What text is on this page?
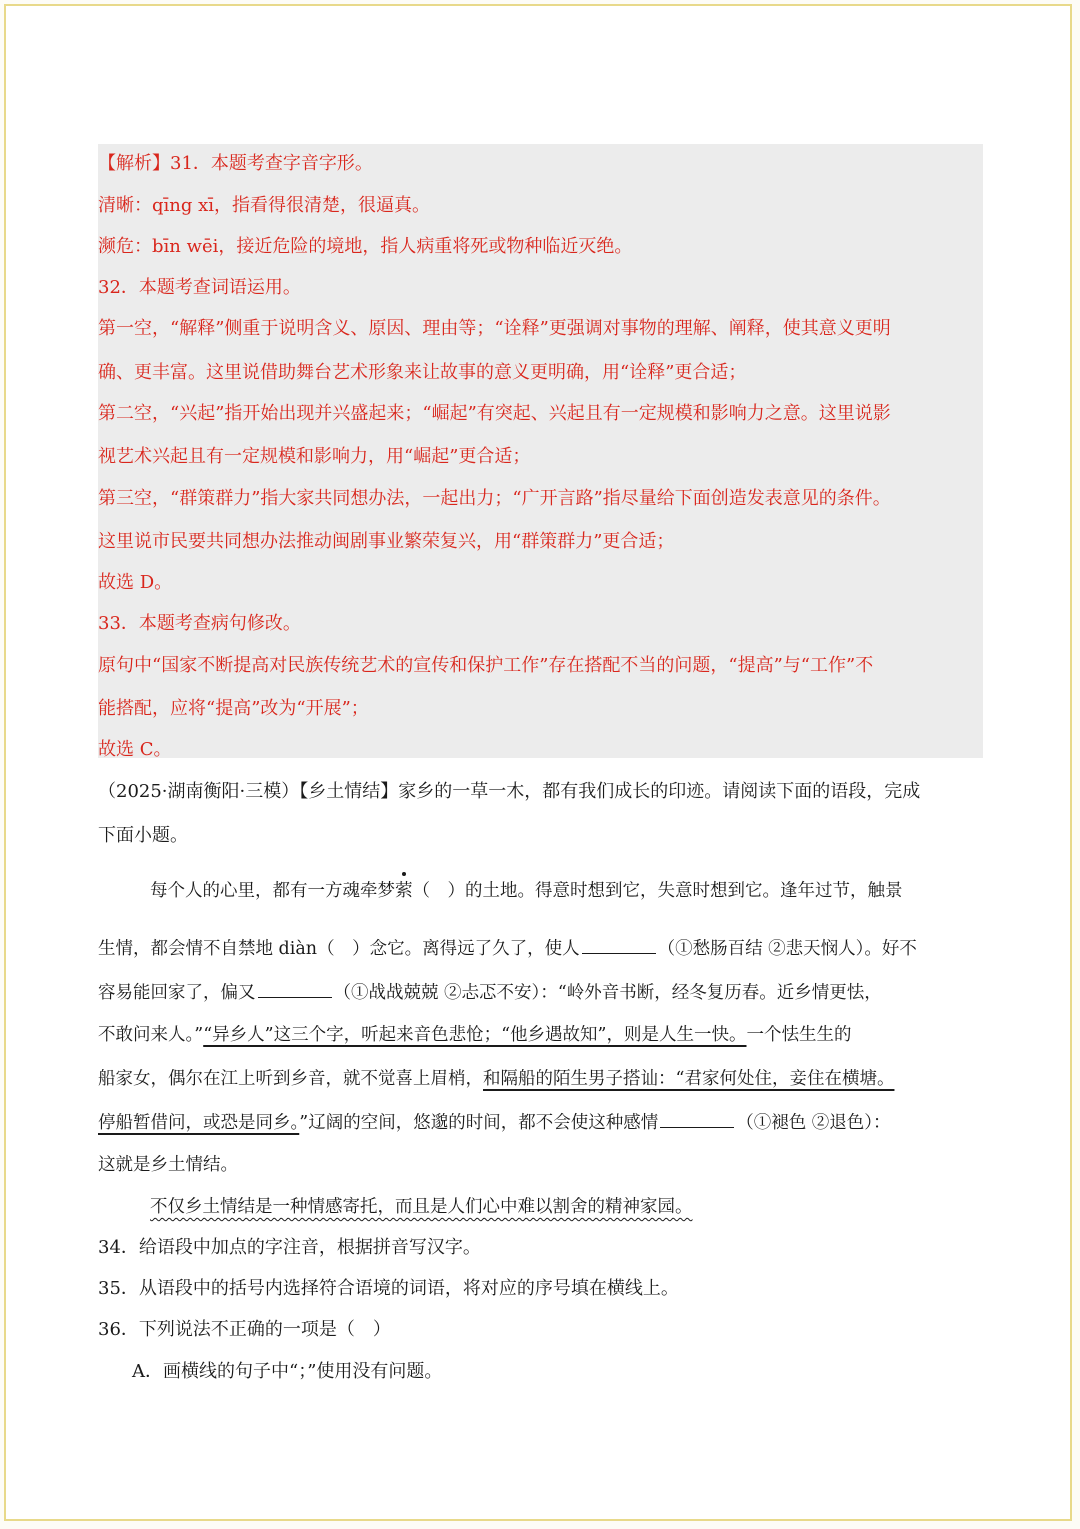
【解析】31．本题考查字音字形。
清晰：qīng xī，指看得很清楚，很逼真。
濒危：bīn wēi，接近危险的境地，指人病重将死或物种临近灭绝。
32．本题考查词语运用。
第一空，“解释”侧重于说明含义、原因、理由等；“诠释”更强调对事物的理解、阐释，使其意义更明
确、更丰富。这里说借助舞台艺术形象来让故事的意义更明确，用“诠释”更合适；
第二空，“兴起”指开始出现并兴盛起来；“崛起”有突起、兴起且有一定规模和影响力之意。这里说影
视艺术兴起且有一定规模和影响力，用“崛起”更合适；
第三空，“群策群力”指大家共同想办法，一起出力；“广开言路”指尽量给下面创造发表意见的条件。
这里说市民要共同想办法推动闽剧事业繁荣复兴，用“群策群力”更合适；
故选 D。
33．本题考查病句修改。
原句中“国家不断提高对民族传统艺术的宣传和保护工作”存在搭配不当的问题，“提高”与“工作”不
能搭配，应将“提高”改为“开展”；
故选 C。
（2025·湖南衡阳·三模）【乡土情结】家乡的一草一木，都有我们成长的印迹。请阅读下面的语段，完成
下面小题。
每个人的心里，都有一方魂牵梦萦（　）的土地。得意时想到它，失意时想到它。逢年过节，触景
生情，都会情不自禁地 diàn（　）念它。离得远了久了，使人	（①愁肠百结 ②悲天悯人）。好不
容易能回家了，偏又	（①战战兢兢 ②忐忑不安）：“岭外音书断，经冬复历春。近乡情更怯，
不敢问来人。”“异乡人”这三个字，听起来音色悲怆；“他乡遇故知”，则是人生一快。一个怯生生的
船家女，偶尔在江上听到乡音，就不觉喜上眉梢，和隔船的陌生男子搭讪：“君家何处住，妾住在横塘。
停船暂借问，或恐是同乡。”辽阔的空间，悠邈的时间，都不会使这种感情	（①褪色 ②退色）：
这就是乡土情结。
不仅乡土情结是一种情感寄托，而且是人们心中难以割舍的精神家园。
34．给语段中加点的字注音，根据拼音写汉字。
35．从语段中的括号内选择符合语境的词语，将对应的序号填在横线上。
36．下列说法不正确的一项是（　）
A．画横线的句子中“；”使用没有问题。
